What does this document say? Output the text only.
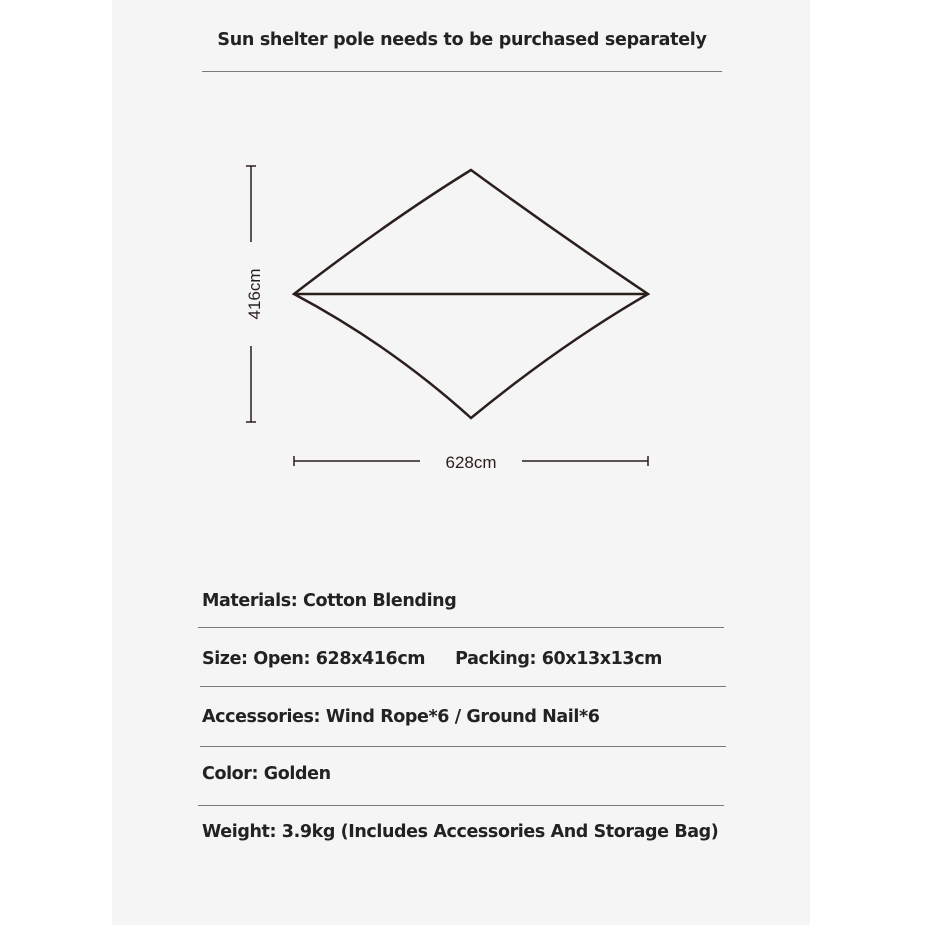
Sun shelter pole needs to be purchased separately
416cm
628cm
Materials: Cotton Blending
Size: Open: 628x416cm Packing: 60x13x13cm
Accessories: Wind Rope*6 / Ground Nail*6
Color: Golden
Weight: 3.9kg (Includes Accessories And Storage Bag)
